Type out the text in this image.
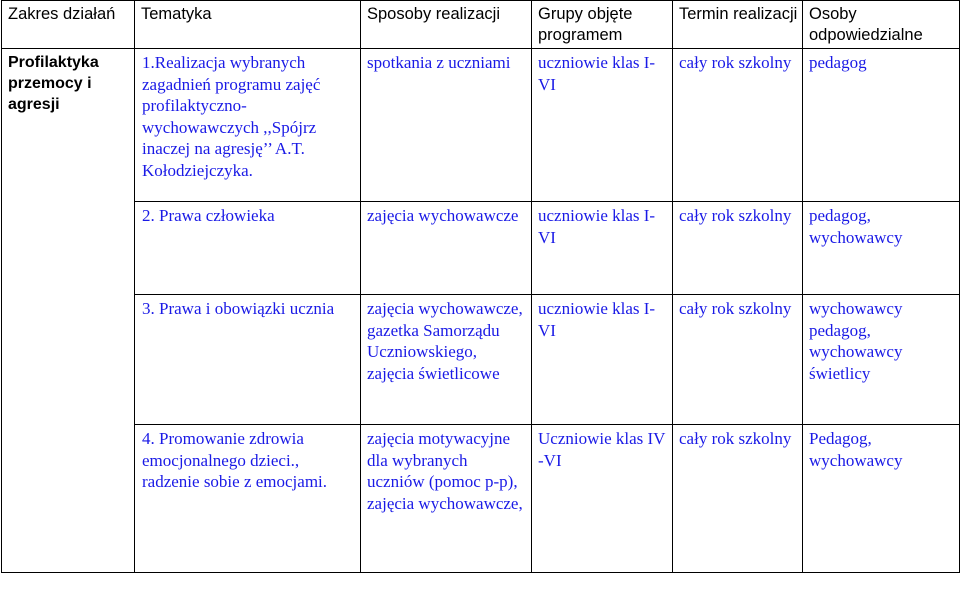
Zakres działań	Tematyka	Sposoby realizacji	Grupy objęte programem	Termin realizacji	Osoby odpowiedzialne
Profilaktyka przemocy i agresji	1.Realizacja wybranych zagadnień programu zajęć profilaktyczno-wychowawczych ,,Spójrz inaczej na agresję’’ A.T. Kołodziejczyka.	spotkania z uczniami	uczniowie klas I-VI	cały rok szkolny	pedagog
	2. Prawa człowieka	zajęcia wychowawcze	uczniowie klas I-VI	cały rok szkolny	pedagog, wychowawcy
	3. Prawa i obowiązki ucznia	zajęcia wychowawcze, gazetka Samorządu Uczniowskiego, zajęcia świetlicowe	uczniowie klas I-VI	cały rok szkolny	wychowawcy pedagog, wychowawcy świetlicy
	4. Promowanie zdrowia emocjonalnego dzieci., radzenie sobie z emocjami.	zajęcia motywacyjne dla wybranych uczniów (pomoc p-p), zajęcia wychowawcze,	Uczniowie klas IV -VI	cały rok szkolny	Pedagog, wychowawcy
